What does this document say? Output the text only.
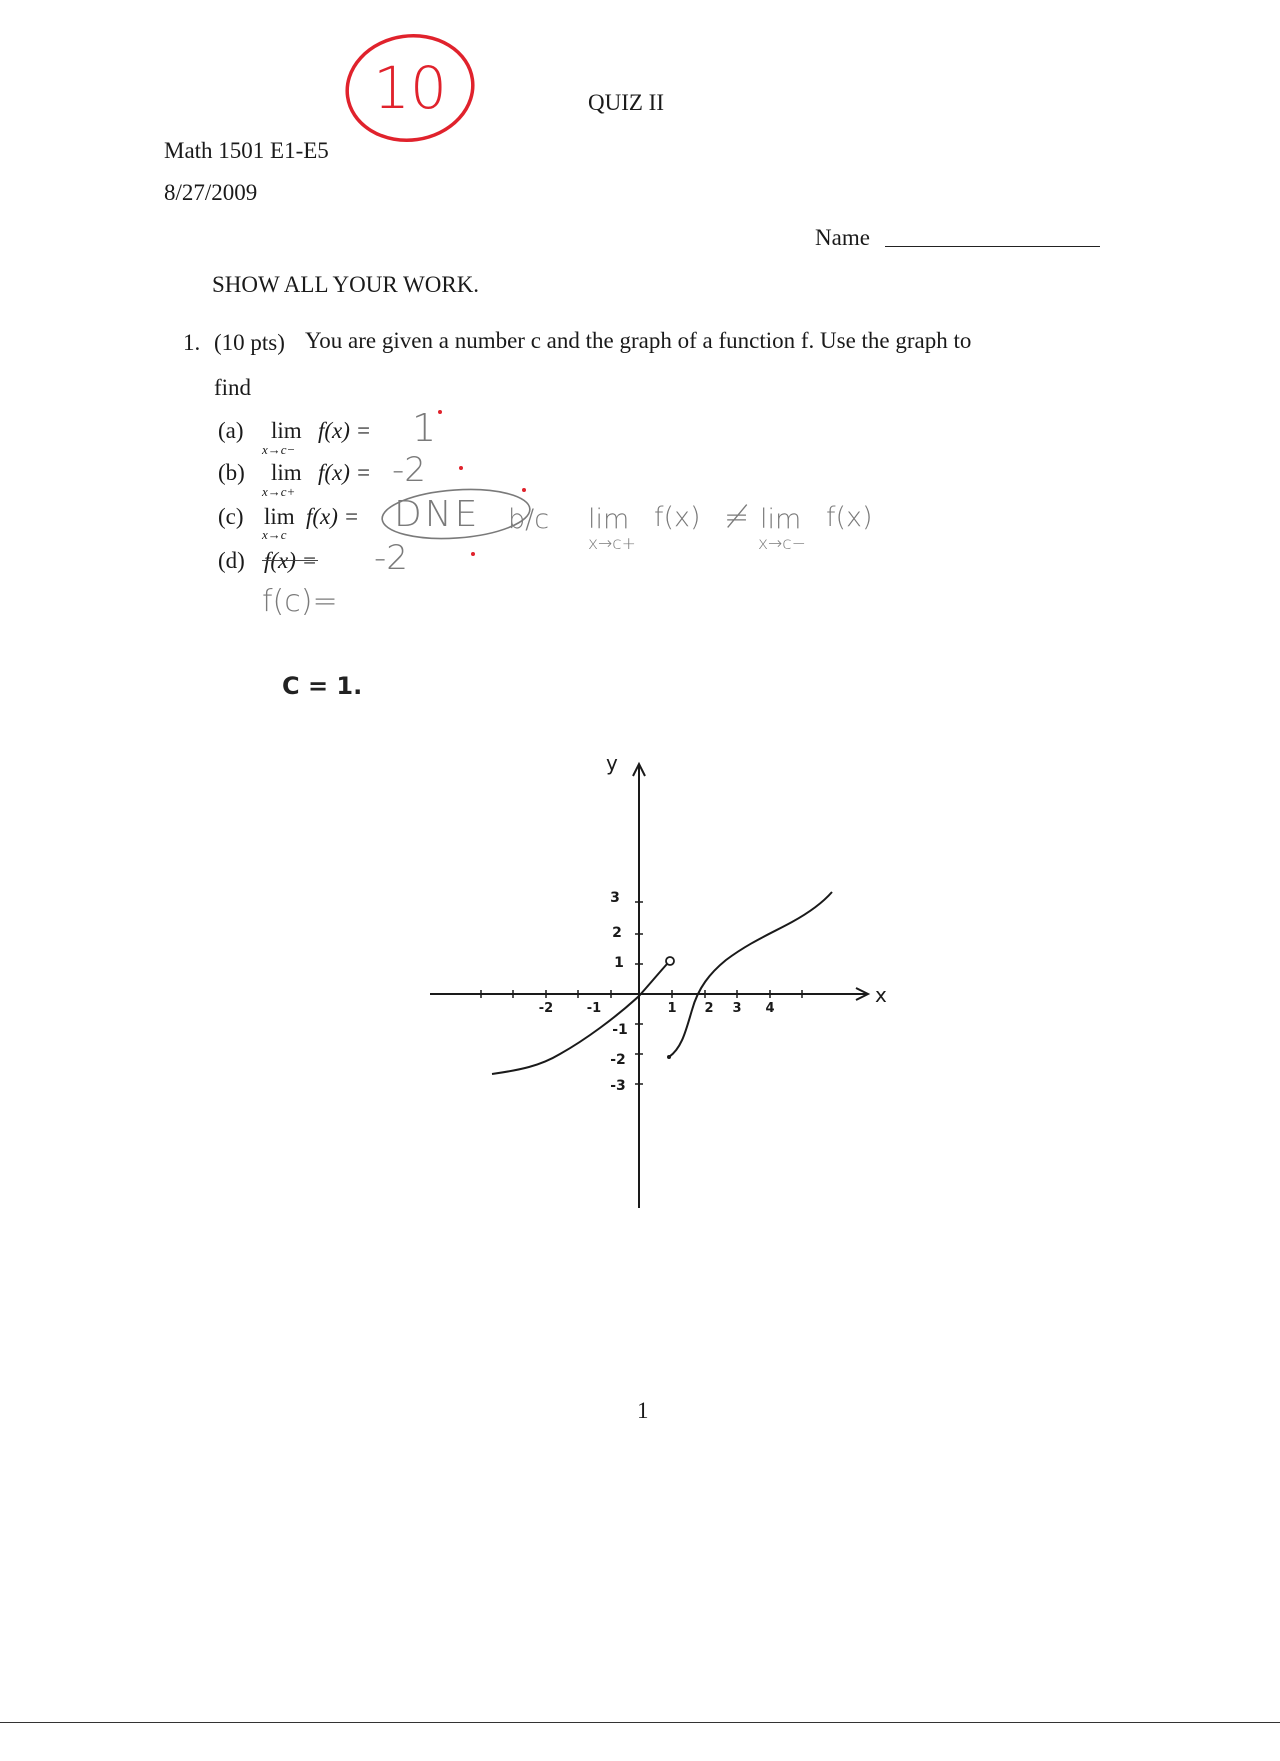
QUIZ II
Math 1501 E1-E5
8/27/2009
Name
10
SHOW ALL YOUR WORK.
1. (10 pts) You are given a number c and the graph of a function f. Use the graph to
find
(a) lim
x→c−
f(x) = 1
(b) lim
x→c+
f(x) = -2
(c) lim
x→c
f(x) = DNE b/c lim
x→c+
f(x) ≠ lim
x→c−
f(x)
(d) f(x) = -2
f(c)=
C = 1.
x
y
-2	-1	1 2 3 4
3
2
1
-1
-2
-3
1
